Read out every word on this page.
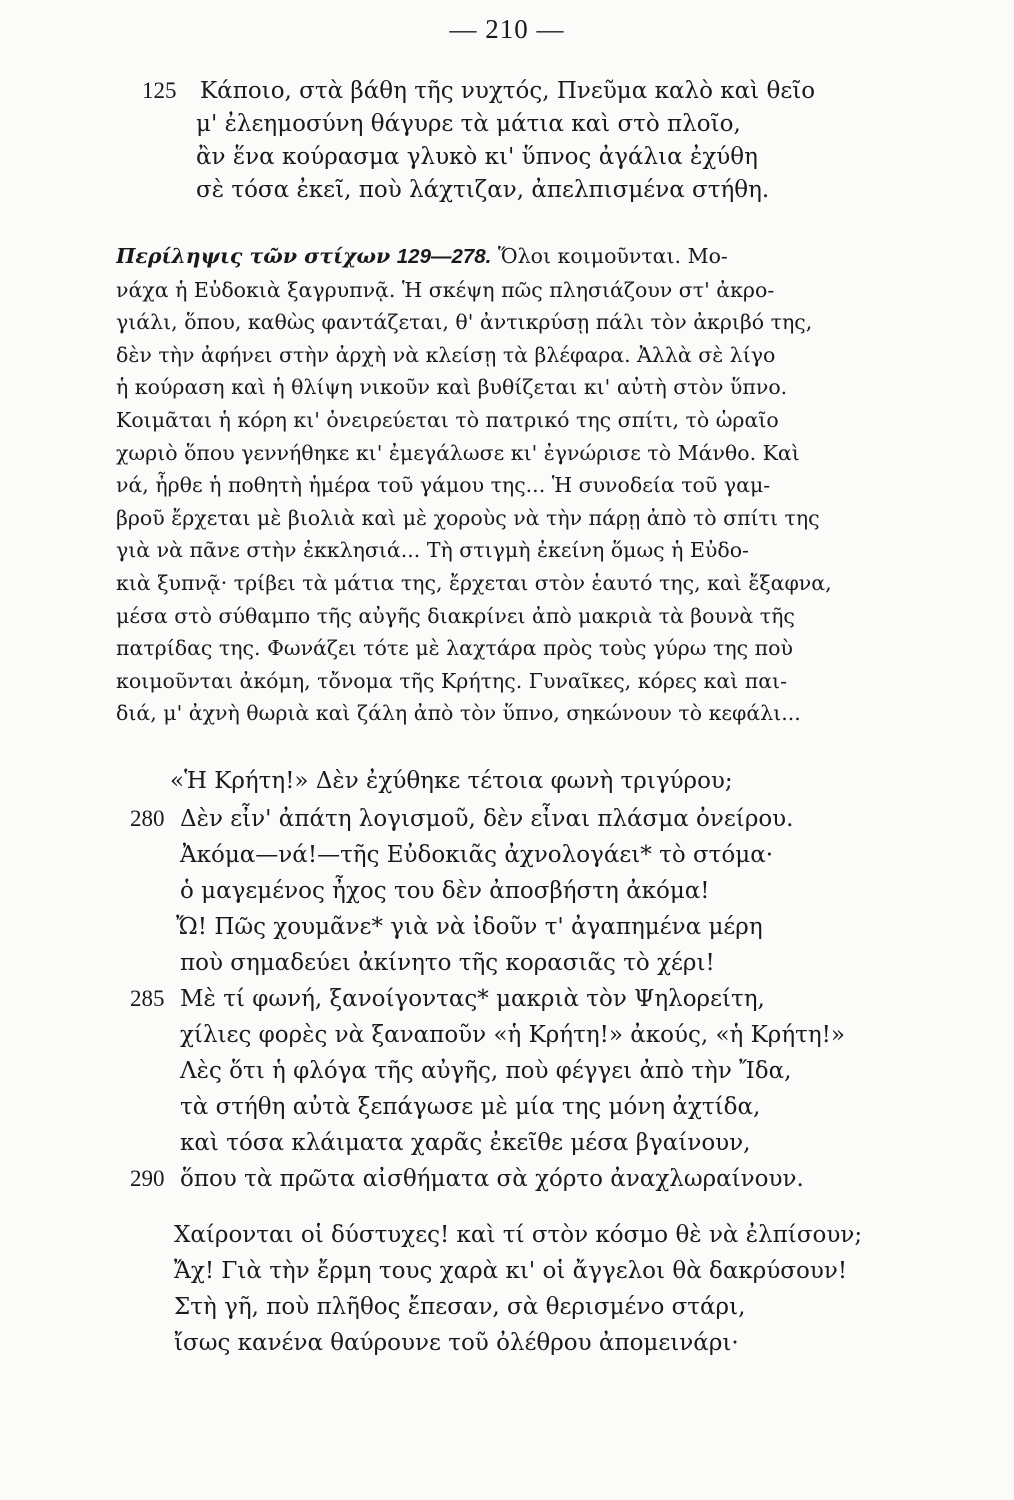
— 210 —
125 Κάποιο, στὰ βάθη τῆς νυχτός, Πνεῦμα καλὸ καὶ θεῖο
μ' ἐλεημοσύνη θάγυρε τὰ μάτια καὶ στὸ πλοῖο,
ἂν ἕνα κούρασμα γλυκὸ κι' ὕπνος ἀγάλια ἐχύθη
σὲ τόσα ἐκεῖ, ποὺ λάχτιζαν, ἀπελπισμένα στήθη.
Περίληψις τῶν στίχων 129—278. Ὅλοι κοιμοῦνται. Μο-
νάχα ἡ Εὐδοκιὰ ξαγρυπνᾷ. Ἡ σκέψη πῶς πλησιάζουν στ' ἀκρο-
γιάλι, ὅπου, καθὼς φαντάζεται, θ' ἀντικρύσῃ πάλι τὸν ἀκριβό της,
δὲν τὴν ἀφήνει στὴν ἀρχὴ νὰ κλείσῃ τὰ βλέφαρα. Ἀλλὰ σὲ λίγο
ἡ κούραση καὶ ἡ θλίψη νικοῦν καὶ βυθίζεται κι' αὐτὴ στὸν ὕπνο.
Κοιμᾶται ἡ κόρη κι' ὀνειρεύεται τὸ πατρικό της σπίτι, τὸ ὡραῖο
χωριὸ ὅπου γεννήθηκε κι' ἐμεγάλωσε κι' ἐγνώρισε τὸ Μάνθο. Καὶ
νά, ἦρθε ἡ ποθητὴ ἡμέρα τοῦ γάμου της... Ἡ συνοδεία τοῦ γαμ-
βροῦ ἔρχεται μὲ βιολιὰ καὶ μὲ χοροὺς νὰ τὴν πάρῃ ἀπὸ τὸ σπίτι της
γιὰ νὰ πᾶνε στὴν ἐκκλησιά... Τὴ στιγμὴ ἐκείνη ὅμως ἡ Εὐδο-
κιὰ ξυπνᾷ· τρίβει τὰ μάτια της, ἔρχεται στὸν ἑαυτό της, καὶ ἔξαφνα,
μέσα στὸ σύθαμπο τῆς αὐγῆς διακρίνει ἀπὸ μακριὰ τὰ βουνὰ τῆς
πατρίδας της. Φωνάζει τότε μὲ λαχτάρα πρὸς τοὺς γύρω της ποὺ
κοιμοῦνται ἀκόμη, τὄνομα τῆς Κρήτης. Γυναῖκες, κόρες καὶ παι-
διά, μ' ἀχνὴ θωριὰ καὶ ζάλη ἀπὸ τὸν ὕπνο, σηκώνουν τὸ κεφάλι...
«Ἡ Κρήτη!» Δὲν ἐχύθηκε τέτοια φωνὴ τριγύρου;
280 Δὲν εἶν' ἀπάτη λογισμοῦ, δὲν εἶναι πλάσμα ὀνείρου.
Ἀκόμα—νά!—τῆς Εὐδοκιᾶς ἀχνολογάει* τὸ στόμα·
ὁ μαγεμένος ἦχος του δὲν ἀποσβήστη ἀκόμα!
Ὤ! Πῶς χουμᾶνε* γιὰ νὰ ἰδοῦν τ' ἀγαπημένα μέρη
ποὺ σημαδεύει ἀκίνητο τῆς κορασιᾶς τὸ χέρι!
285 Μὲ τί φωνή, ξανοίγοντας* μακριὰ τὸν Ψηλορείτη,
χίλιες φορὲς νὰ ξαναποῦν «ἡ Κρήτη!» ἀκούς, «ἡ Κρήτη!»
Λὲς ὅτι ἡ φλόγα τῆς αὐγῆς, ποὺ φέγγει ἀπὸ τὴν Ἴδα,
τὰ στήθη αὐτὰ ξεπάγωσε μὲ μία της μόνη ἀχτίδα,
καὶ τόσα κλάιματα χαρᾶς ἐκεῖθε μέσα βγαίνουν,
290 ὅπου τὰ πρῶτα αἰσθήματα σὰ χόρτο ἀναχλωραίνουν.
Χαίρονται οἱ δύστυχες! καὶ τί στὸν κόσμο θὲ νὰ ἐλπίσουν;
Ἄχ! Γιὰ τὴν ἔρμη τους χαρὰ κι' οἱ ἄγγελοι θὰ δακρύσουν!
Στὴ γῆ, ποὺ πλῆθος ἔπεσαν, σὰ θερισμένο στάρι,
ἴσως κανένα θαύρουνε τοῦ ὀλέθρου ἀπομεινάρι·
